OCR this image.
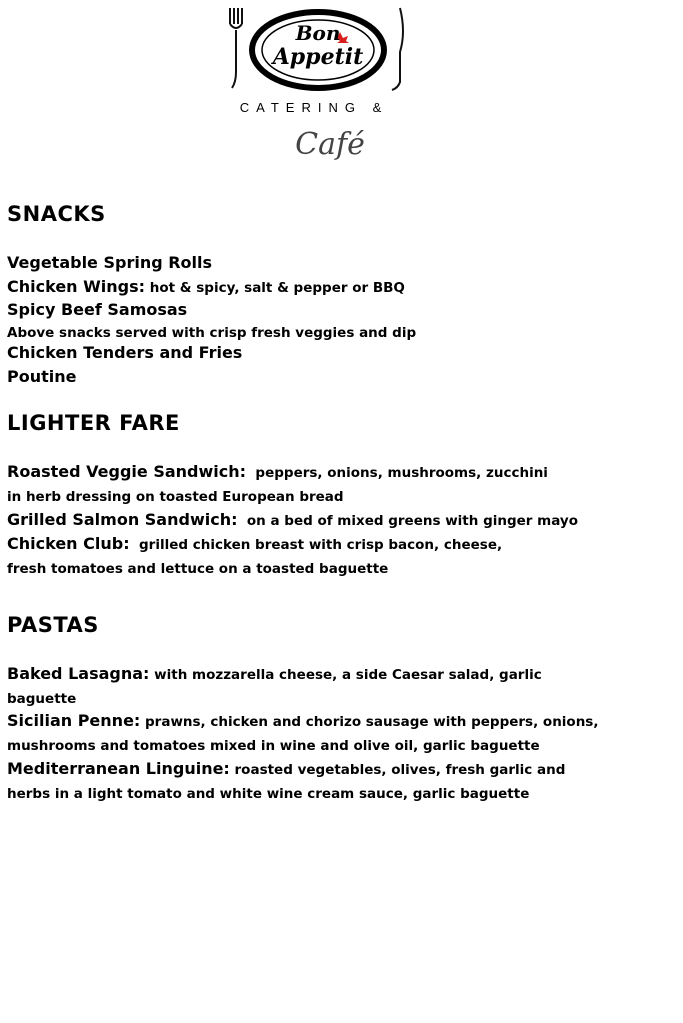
Bon
Appetit
CATERING &
Café
SNACKS
Vegetable Spring Rolls
Chicken Wings: hot & spicy, salt & pepper or BBQ
Spicy Beef Samosas
Above snacks served with crisp fresh veggies and dip
Chicken Tenders and Fries
Poutine
LIGHTER FARE
Roasted Veggie Sandwich:  peppers, onions, mushrooms, zucchini
in herb dressing on toasted European bread
Grilled Salmon Sandwich:  on a bed of mixed greens with ginger mayo
Chicken Club:  grilled chicken breast with crisp bacon, cheese,
fresh tomatoes and lettuce on a toasted baguette
PASTAS
Baked Lasagna: with mozzarella cheese, a side Caesar salad, garlic
baguette
Sicilian Penne: prawns, chicken and chorizo sausage with peppers, onions,
mushrooms and tomatoes mixed in wine and olive oil, garlic baguette
Mediterranean Linguine: roasted vegetables, olives, fresh garlic and
herbs in a light tomato and white wine cream sauce, garlic baguette
